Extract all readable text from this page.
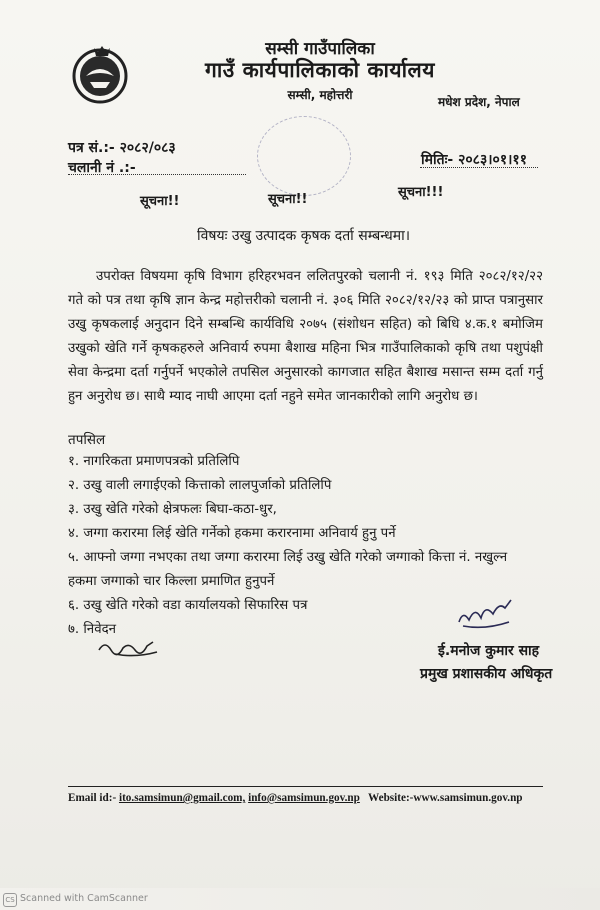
सम्सी गाउँपालिका
गाउँ कार्यपालिकाको कार्यालय
सम्सी, महोत्तरी	मधेश प्रदेश, नेपाल
पत्र सं.:- २०८२/०८३
चलानी नं .:-	मितिः- २०८३।०१।११
सूचना!!	सूचना!!	सूचना!!!
विषयः उखु उत्पादक कृषक दर्ता सम्बन्धमा।
उपरोक्त विषयमा कृषि विभाग हरिहरभवन ललितपुरको चलानी नं. १९३ मिति २०८२/१२/२२ गते को पत्र तथा कृषि ज्ञान केन्द्र महोत्तरीको चलानी नं. ३०६ मिति २०८२/१२/२३ को प्राप्त पत्रानुसार उखु कृषकलाई अनुदान दिने सम्बन्धि कार्यविधि २०७५ (संशोधन सहित) को बिधि ४.क.१ बमोजिम उखुको खेति गर्ने कृषकहरुले अनिवार्य रुपमा बैशाख महिना भित्र गाउँपालिकाको कृषि तथा पशुपंक्षी सेवा केन्द्रमा दर्ता गर्नुपर्ने भएकोले तपसिल अनुसारको कागजात सहित बैशाख मसान्त सम्म दर्ता गर्नु हुन अनुरोध छ। साथै म्याद नाघी आएमा दर्ता नहुने समेत जानकारीको लागि अनुरोध छ।
तपसिल
१. नागरिकता प्रमाणपत्रको प्रतिलिपि
२. उखु वाली लगाईएको कित्ताको लालपुर्जाको प्रतिलिपि
३. उखु खेति गरेको क्षेत्रफलः बिघा-कठा-धुर,
४. जग्गा करारमा लिई खेति गर्नेको हकमा करारनामा अनिवार्य हुनु पर्ने
५. आफ्नो जग्गा नभएका तथा जग्गा करारमा लिई उखु खेति गरेको जग्गाको कित्ता नं. नखुल्न
हकमा जग्गाको चार किल्ला प्रमाणित हुनुपर्ने
६. उखु खेति गरेको वडा कार्यालयको सिफारिस पत्र
७. निवेदन
ई.मनोज कुमार साह
प्रमुख प्रशासकीय अधिकृत
Email id:- ito.samsimun@gmail.com, info@samsimun.gov.np Website:-www.samsimun.gov.np
CS Scanned with CamScanner
